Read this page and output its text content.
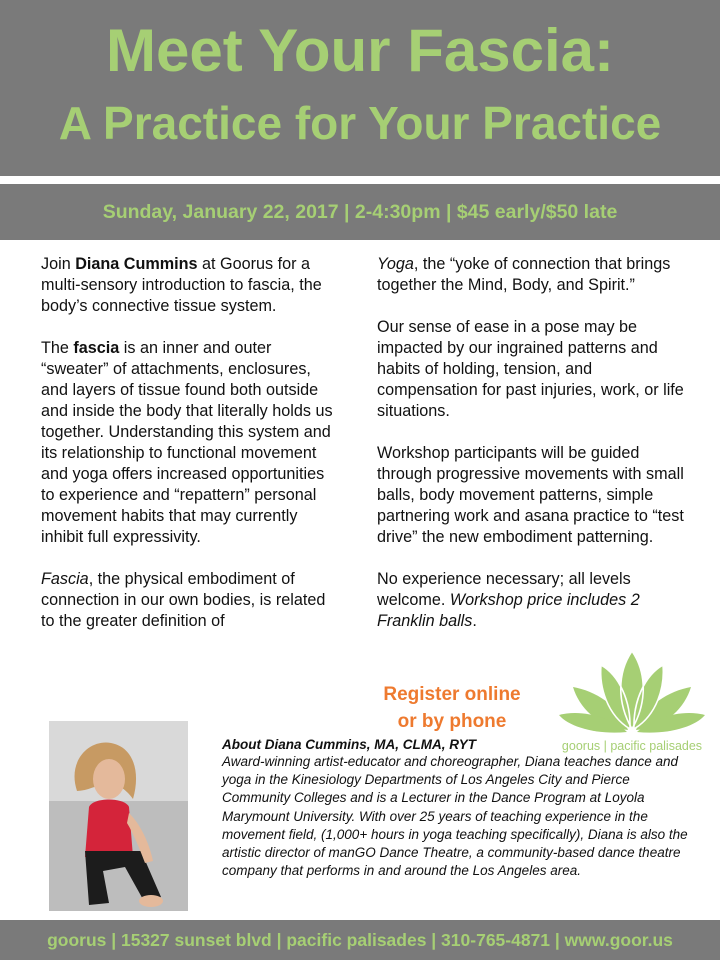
Meet Your Fascia:
A Practice for Your Practice
Sunday, January 22, 2017 | 2-4:30pm | $45 early/$50 late

Join Diana Cummins at Goorus for a multi-sensory introduction to fascia, the body’s connective tissue system.

The fascia is an inner and outer “sweater” of attachments, enclosures, and layers of tissue found both outside and inside the body that literally holds us together. Understanding this system and its relationship to functional movement and yoga offers increased opportunities to experience and “repattern” personal movement habits that may currently inhibit full expressivity.

Fascia, the physical embodiment of connection in our own bodies, is related to the greater definition of

Yoga, the “yoke of connection that brings together the Mind, Body, and Spirit.”

Our sense of ease in a pose may be impacted by our ingrained patterns and habits of holding, tension, and compensation for past injuries, work, or life situations.

Workshop participants will be guided through progressive movements with small balls, body movement patterns, simple partnering work and asana practice to “test drive” the new embodiment patterning.

No experience necessary; all levels welcome. Workshop price includes 2 Franklin balls.

Register online
or by phone
goorus | pacific palisades
About Diana Cummins, MA, CLMA, RYT
Award-winning artist-educator and choreographer, Diana teaches dance and yoga in the Kinesiology Departments of Los Angeles City and Pierce Community Colleges and is a Lecturer in the Dance Program at Loyola Marymount University. With over 25 years of teaching experience in the movement field, (1,000+ hours in yoga teaching specifically), Diana is also the artistic director of manGO Dance Theatre, a community-based dance theatre company that performs in and around the Los Angeles area.
goorus | 15327 sunset blvd | pacific palisades | 310-765-4871 | www.goor.us
